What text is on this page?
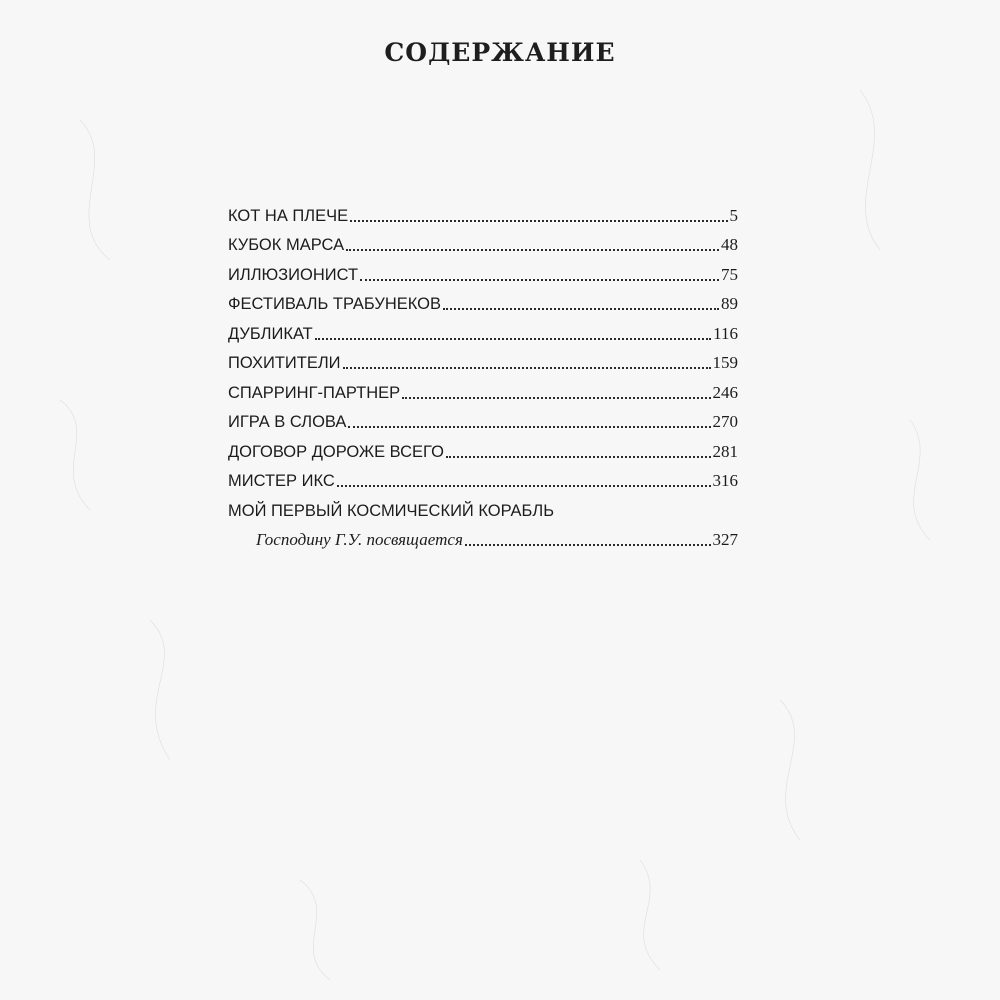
СОДЕРЖАНИЕ
КОТ НА ПЛЕЧЕ	5
КУБОК МАРСА	48
ИЛЛЮЗИОНИСТ	75
ФЕСТИВАЛЬ ТРАБУНЕКОВ	89
ДУБЛИКАТ	116
ПОХИТИТЕЛИ	159
СПАРРИНГ-ПАРТНЕР	246
ИГРА В СЛОВА	270
ДОГОВОР ДОРОЖЕ ВСЕГО	281
МИСТЕР ИКС	316
МОЙ ПЕРВЫЙ КОСМИЧЕСКИЙ КОРАБЛЬ
Господину Г.У. посвящается	327
